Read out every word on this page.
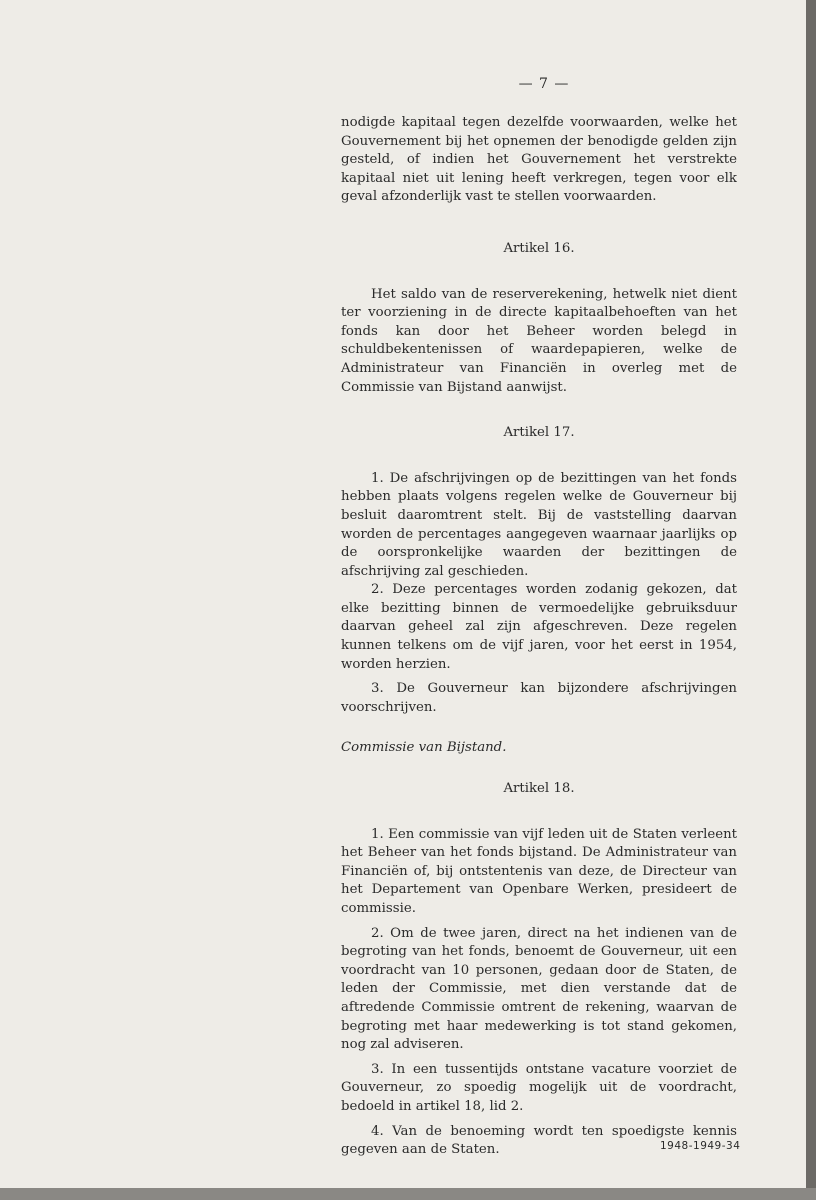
— 7 —

nodigde kapitaal tegen dezelfde voorwaarden, welke het Gouvernement bij het opnemen der benodigde gelden zijn gesteld, of indien het Gouvernement het verstrekte kapitaal niet uit lening heeft verkregen, tegen voor elk geval afzonderlijk vast te stellen voorwaarden.

Artikel 16.

Het saldo van de reserverekening, hetwelk niet dient ter voorziening in de directe kapitaalbehoeften van het fonds kan door het Beheer worden belegd in schuldbekentenissen of waardepapieren, welke de Administrateur van Financiën in overleg met de Commissie van Bijstand aanwijst.

Artikel 17.

1. De afschrijvingen op de bezittingen van het fonds hebben plaats volgens regelen welke de Gouverneur bij besluit daaromtrent stelt. Bij de vaststelling daarvan worden de percentages aangegeven waarnaar jaarlijks op de oorspronkelijke waarden der bezittingen de afschrijving zal geschieden.

2. Deze percentages worden zodanig gekozen, dat elke bezitting binnen de vermoedelijke gebruiksduur daarvan geheel zal zijn afgeschreven. Deze regelen kunnen telkens om de vijf jaren, voor het eerst in 1954, worden herzien.

3. De Gouverneur kan bijzondere afschrijvingen voorschrijven.

Commissie van Bijstand.

Artikel 18.

1. Een commissie van vijf leden uit de Staten verleent het Beheer van het fonds bijstand. De Administrateur van Financiën of, bij ontstentenis van deze, de Directeur van het Departement van Openbare Werken, presideert de commissie.

2. Om de twee jaren, direct na het indienen van de begroting van het fonds, benoemt de Gouverneur, uit een voordracht van 10 personen, gedaan door de Staten, de leden der Commissie, met dien verstande dat de aftredende Commissie omtrent de rekening, waarvan de begroting met haar medewerking is tot stand gekomen, nog zal adviseren.

3. In een tussentijds ontstane vacature voorziet de Gouverneur, zo spoedig mogelijk uit de voordracht, bedoeld in artikel 18, lid 2.

4. Van de benoeming wordt ten spoedigste kennis gegeven aan de Staten.	1948-1949-34
